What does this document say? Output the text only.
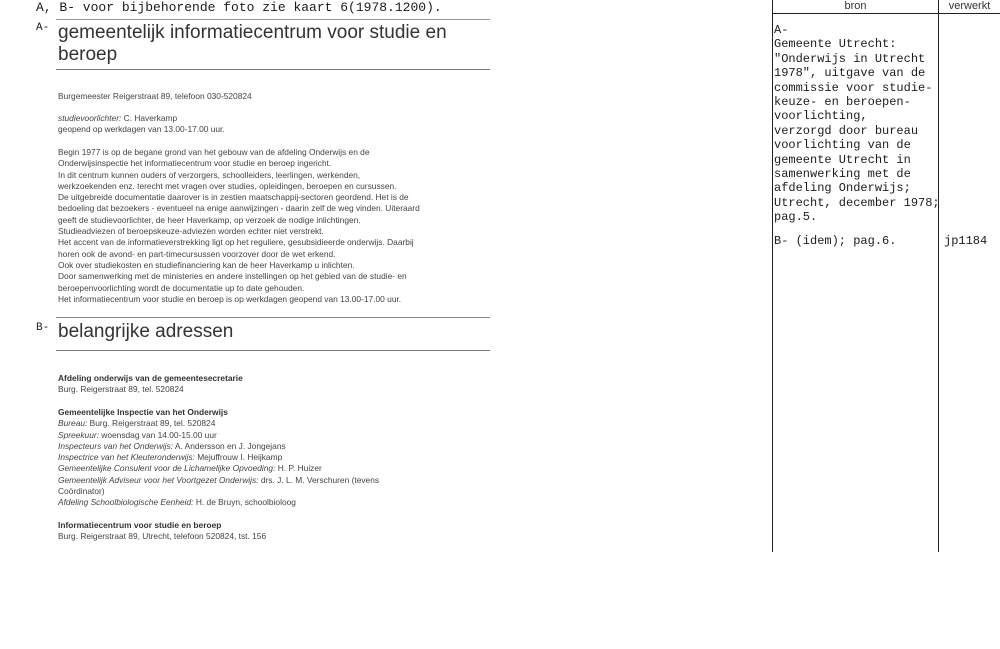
A, B- voor bijbehorende foto zie kaart 6(1978.1200).
A- gemeentelijk informatiecentrum voor studie en
beroep
Burgemeester Reigerstraat 89, telefoon 030-520824
studievoorlichter: C. Haverkamp
geopend op werkdagen van 13.00-17.00 uur.
Begin 1977 is op de begane grond van het gebouw van de afdeling Onderwijs en de
Onderwijsinspectie het informatiecentrum voor studie en beroep ingericht.
In dit centrum kunnen ouders of verzorgers, schoolleiders, leerlingen, werkenden,
werkzoekenden enz. terecht met vragen over studies, opleidingen, beroepen en cursussen.
De uitgebreide documentatie daarover is in zestien maatschappij-sectoren geordend. Het is de
bedoeling dat bezoekers - eventueel na enige aanwijzingen - daarin zelf de weg vinden. Uiteraard
geeft de studievoorlichter, de heer Haverkamp, op verzoek de nodige inlichtingen.
Studieadviezen of beroepskeuze-adviezen worden echter niet verstrekt.
Het accent van de informatieverstrekking ligt op het reguliere, gesubsidieerde onderwijs. Daarbij
horen ook de avond- en part-timecursussen voorzover door de wet erkend.
Ook over studiekosten en studiefinanciering kan de heer Haverkamp u inlichten.
Door samenwerking met de ministeries en andere instellingen op het gebied van de studie- en
beroepenvoorlichting wordt de documentatie up to date gehouden.
Het informatiecentrum voor studie en beroep is op werkdagen geopend van 13.00-17.00 uur.
B- belangrijke adressen
Afdeling onderwijs van de gemeentesecretarie
Burg. Reigerstraat 89, tel. 520824
Gemeentelijke Inspectie van het Onderwijs
Bureau: Burg. Reigerstraat 89, tel. 520824
Spreekuur: woensdag van 14.00-15.00 uur
Inspecteurs van het Onderwijs: A. Andersson en J. Jongejans
Inspectrice van het Kleuteronderwijs: Mejuffrouw I. Heijkamp
Gemeentelijke Consulent voor de Lichamelijke Opvoeding: H. P. Huizer
Gemeentelijk Adviseur voor het Voortgezet Onderwijs: drs. J. L. M. Verschuren (tevens
Coördinator)
Afdeling Schoolbiologische Eenheid: H. de Bruyn, schoolbioloog
Informatiecentrum voor studie en beroep
Burg. Reigerstraat 89, Utrecht, telefoon 520824, tst. 156
bron	verwerkt
A-
Gemeente Utrecht:
"Onderwijs in Utrecht
1978", uitgave van de
commissie voor studie-
keuze- en beroepen-
voorlichting,
verzorgd door bureau
voorlichting van de
gemeente Utrecht in
samenwerking met de
afdeling Onderwijs;
Utrecht, december 1978;
pag.5.
B- (idem); pag.6.	jp1184
